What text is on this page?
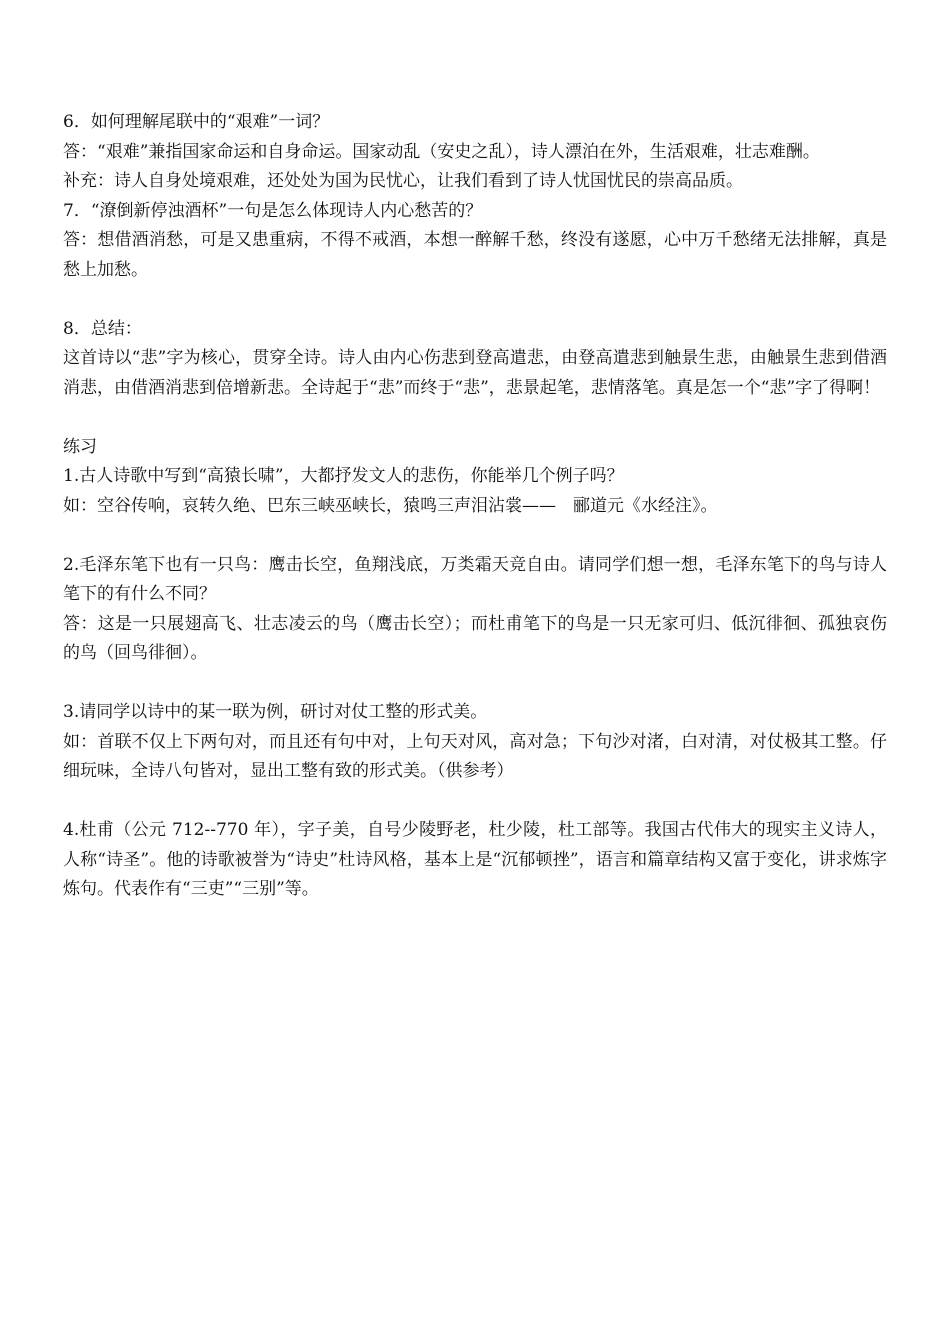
6．如何理解尾联中的“艰难”一词？

答：“艰难”兼指国家命运和自身命运。国家动乱（安史之乱），诗人漂泊在外，生活艰难，壮志难酬。

补充：诗人自身处境艰难，还处处为国为民忧心，让我们看到了诗人忧国忧民的崇高品质。

7．“潦倒新停浊酒杯”一句是怎么体现诗人内心愁苦的？

答：想借酒消愁，可是又患重病，不得不戒酒，本想一醉解千愁，终没有遂愿，心中万千愁绪无法排解，真是愁上加愁。

8．总结：

这首诗以“悲”字为核心，贯穿全诗。诗人由内心伤悲到登高遣悲，由登高遣悲到触景生悲，由触景生悲到借酒消悲，由借酒消悲到倍增新悲。全诗起于“悲”而终于“悲”，悲景起笔，悲情落笔。真是怎一个“悲”字了得啊！

练习

1.古人诗歌中写到“高猿长啸”，大都抒发文人的悲伤，你能举几个例子吗？

如：空谷传响，哀转久绝、巴东三峡巫峡长，猿鸣三声泪沾裳——　郦道元《水经注》。

2.毛泽东笔下也有一只鸟：鹰击长空，鱼翔浅底，万类霜天竞自由。请同学们想一想，毛泽东笔下的鸟与诗人笔下的有什么不同？

答：这是一只展翅高飞、壮志凌云的鸟（鹰击长空）；而杜甫笔下的鸟是一只无家可归、低沉徘徊、孤独哀伤的鸟（回鸟徘徊）。

3.请同学以诗中的某一联为例，研讨对仗工整的形式美。

如：首联不仅上下两句对，而且还有句中对，上句天对风，高对急；下句沙对渚，白对清，对仗极其工整。仔细玩味，全诗八句皆对，显出工整有致的形式美。（供参考）

4.杜甫（公元 712--770 年），字子美，自号少陵野老，杜少陵，杜工部等。我国古代伟大的现实主义诗人，人称“诗圣”。他的诗歌被誉为“诗史”杜诗风格，基本上是“沉郁顿挫”，语言和篇章结构又富于变化，讲求炼字炼句。代表作有“三吏”“三别”等。
